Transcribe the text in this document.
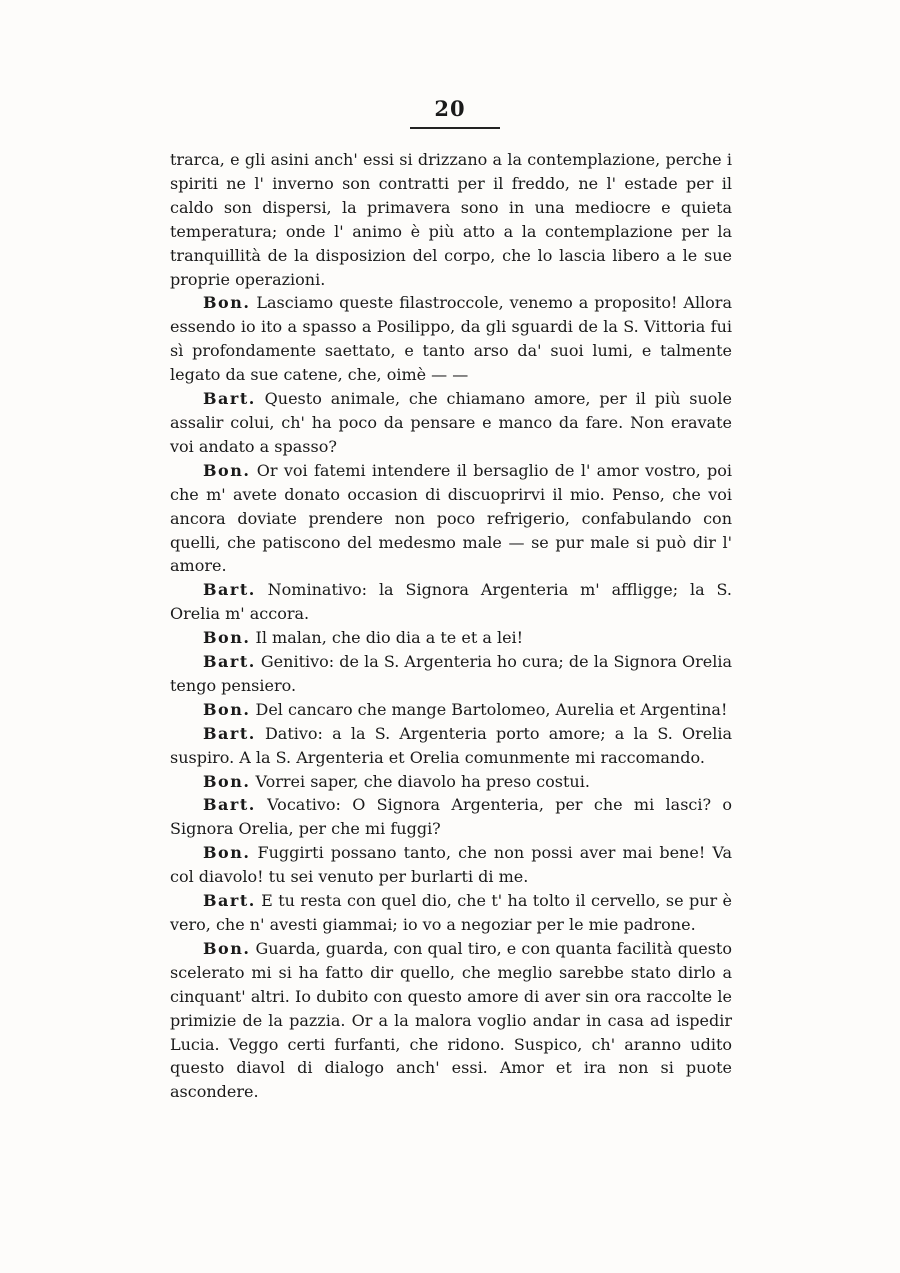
20

trarca, e gli asini anch' essi si drizzano a la contemplazione, perche i spiriti ne l' inverno son contratti per il freddo, ne l' estade per il caldo son dispersi, la primavera sono in una mediocre e quieta temperatura; onde l' animo è più atto a la contemplazione per la tranquillità de la disposizion del corpo, che lo lascia libero a le sue proprie operazioni.

Bon. Lasciamo queste filastroccole, venemo a proposito! Allora essendo io ito a spasso a Posilippo, da gli sguardi de la S. Vittoria fui sì profondamente saettato, e tanto arso da' suoi lumi, e talmente legato da sue catene, che, oimè — —

Bart. Questo animale, che chiamano amore, per il più suole assalir colui, ch' ha poco da pensare e manco da fare. Non eravate voi andato a spasso?

Bon. Or voi fatemi intendere il bersaglio de l' amor vostro, poi che m' avete donato occasion di discuoprirvi il mio. Penso, che voi ancora doviate prendere non poco refrigerio, confabulando con quelli, che patiscono del medesmo male — se pur male si può dir l' amore.

Bart. Nominativo: la Signora Argenteria m' affligge; la S. Orelia m' accora.

Bon. Il malan, che dio dia a te et a lei!

Bart. Genitivo: de la S. Argenteria ho cura; de la Signora Orelia tengo pensiero.

Bon. Del cancaro che mange Bartolomeo, Aurelia et Argentina!

Bart. Dativo: a la S. Argenteria porto amore; a la S. Orelia suspiro. A la S. Argenteria et Orelia comunmente mi raccomando.

Bon. Vorrei saper, che diavolo ha preso costui.

Bart. Vocativo: O Signora Argenteria, per che mi lasci? o Signora Orelia, per che mi fuggi?

Bon. Fuggirti possano tanto, che non possi aver mai bene! Va col diavolo! tu sei venuto per burlarti di me.

Bart. E tu resta con quel dio, che t' ha tolto il cervello, se pur è vero, che n' avesti giammai; io vo a negoziar per le mie padrone.

Bon. Guarda, guarda, con qual tiro, e con quanta facilità questo scelerato mi si ha fatto dir quello, che meglio sarebbe stato dirlo a cinquant' altri. Io dubito con questo amore di aver sin ora raccolte le primizie de la pazzia. Or a la malora voglio andar in casa ad ispedir Lucia. Veggo certi furfanti, che ridono. Suspico, ch' aranno udito questo diavol di dialogo anch' essi. Amor et ira non si puote ascondere.
